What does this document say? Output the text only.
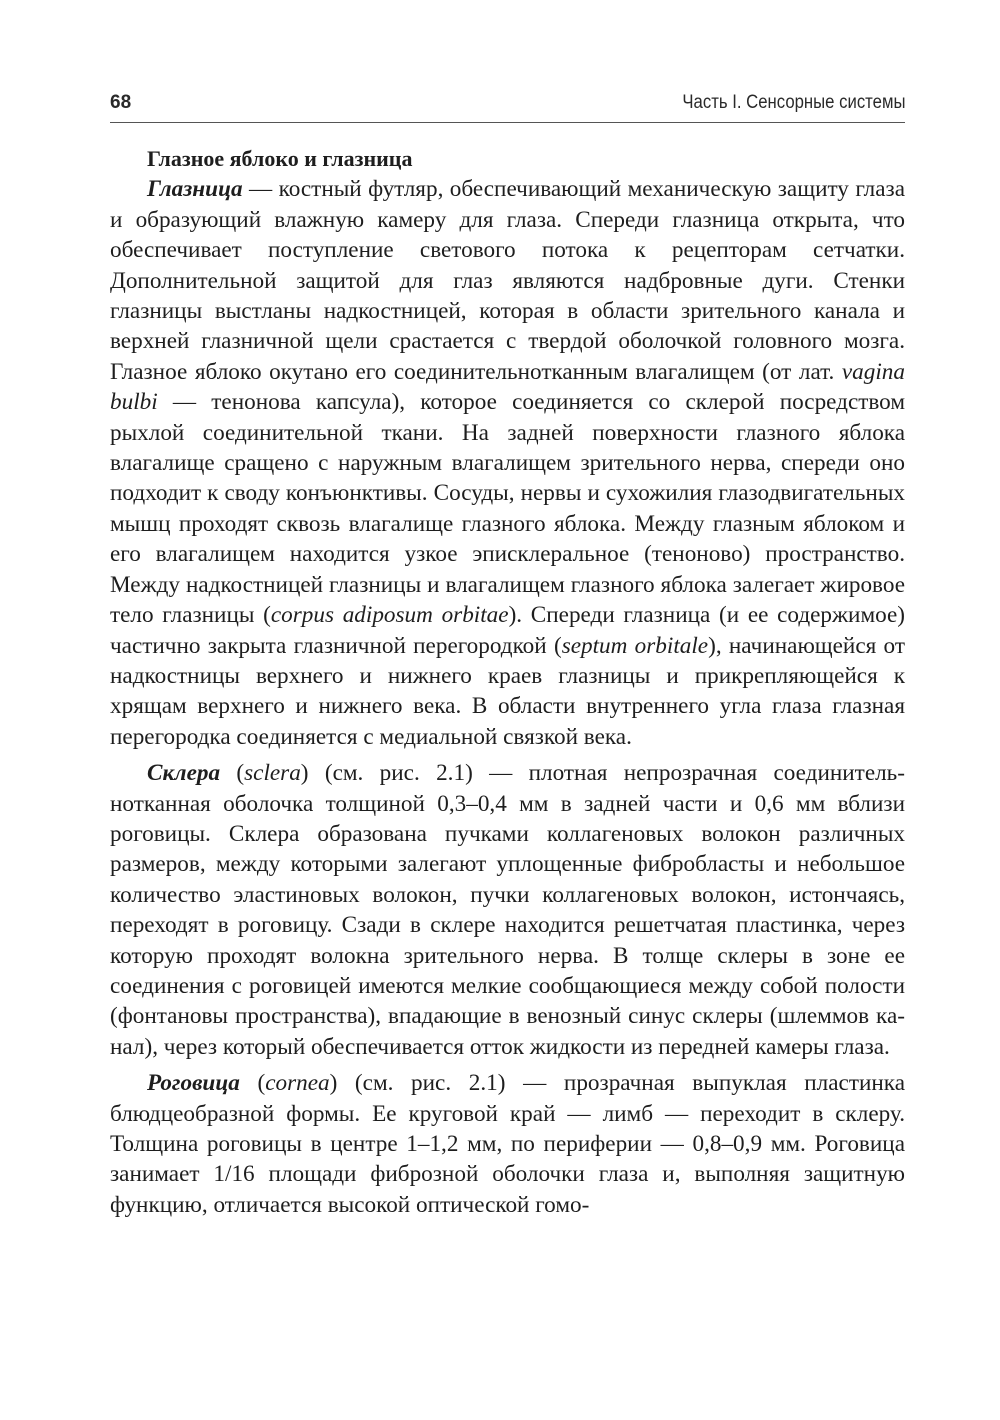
68	Часть I. Сенсорные системы
Глазное яблоко и глазница

Глазница — костный футляр, обеспечивающий механическую защиту глаза и образующий влажную камеру для глаза. Спереди глазница открыта, что обеспечивает поступление светового потока к рецепторам сетчатки. Дополнительной защитой для глаз являются надбровные дуги. Стенки глазницы выстланы надкостницей, которая в области зрительного канала и верхней глазничной щели срастается с твердой оболочкой головного мозга. Глазное яблоко окутано его соединительнотканным влагалищем (от лат. vagina bulbi — тенонова капсула), которое соединяется со склерой посредством рыхлой соединительной ткани. На задней поверхности глазного яблока влагалище сращено с наружным влагалищем зрительного нерва, спереди оно подходит к своду конъюнктивы. Сосуды, нервы и сухожилия глазодвигательных мышц проходят сквозь влагалище глазного яблока. Между глазным яблоком и его влагалищем находится узкое эписклеральное (теноново) пространство. Между надкостницей глазницы и влагалищем глазного яблока залегает жировое тело глазницы (corpus adiposum orbitae). Спереди глазница (и ее содержимое) частично закрыта глазничной перегородкой (septum orbitale), начинающейся от надкостницы верхнего и нижнего краев глазницы и прикрепляющейся к хрящам верхнего и нижнего века. В области внутреннего угла глаза глазная перегородка соединяется с медиальной связкой века.

Склера (sclera) (см. рис. 2.1) — плотная непрозрачная соединительнотканная оболочка толщиной 0,3–0,4 мм в задней части и 0,6 мм вблизи роговицы. Склера образована пучками коллагеновых волокон различных размеров, между которыми залегают уплощенные фибробласты и небольшое количество эластиновых волокон, пучки коллагеновых волокон, истончаясь, переходят в роговицу. Сзади в склере находится решетчатая пластинка, через которую проходят волокна зрительного нерва. В толще склеры в зоне ее соединения с роговицей имеются мелкие сообщающиеся между собой полости (фонтановы пространства), впадающие в венозный синус склеры (шлеммов канал), через который обеспечивается отток жидкости из передней камеры глаза.

Роговица (cornea) (см. рис. 2.1) — прозрачная выпуклая пластинка блюдцеобразной формы. Ее круговой край — лимб — переходит в склеру. Толщина роговицы в центре 1–1,2 мм, по периферии — 0,8–0,9 мм. Роговица занимает 1/16 площади фиброзной оболочки глаза и, выполняя защитную функцию, отличается высокой оптической гомо-
